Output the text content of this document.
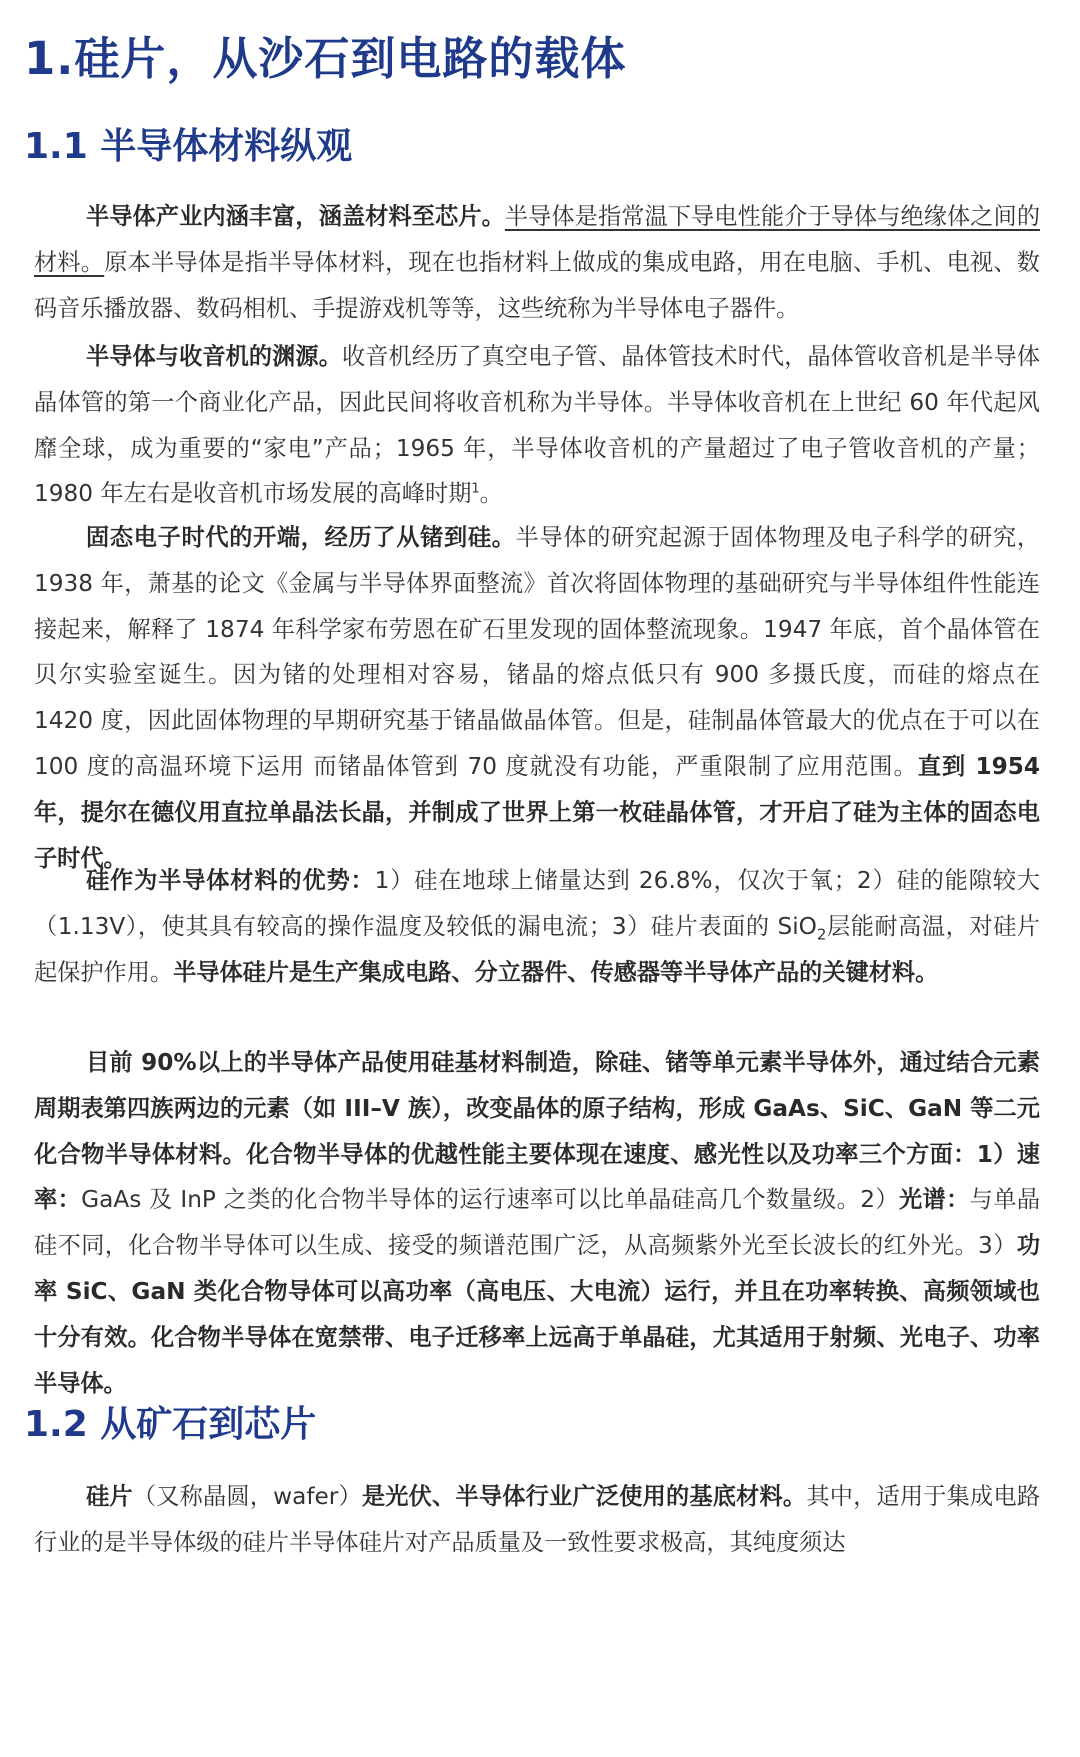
1.硅片，从沙石到电路的载体
1.1 半导体材料纵观

半导体产业内涵丰富，涵盖材料至芯片。半导体是指常温下导电性能介于导体与绝缘体之间的材料。原本半导体是指半导体材料，现在也指材料上做成的集成电路，用在电脑、手机、电视、数码音乐播放器、数码相机、手提游戏机等等，这些统称为半导体电子器件。

半导体与收音机的渊源。收音机经历了真空电子管、晶体管技术时代，晶体管收音机是半导体晶体管的第一个商业化产品，因此民间将收音机称为半导体。半导体收音机在上世纪 60 年代起风靡全球，成为重要的“家电”产品；1965 年，半导体收音机的产量超过了电子管收音机的产量；1980 年左右是收音机市场发展的高峰时期$^1$。

固态电子时代的开端，经历了从锗到硅。半导体的研究起源于固体物理及电子科学的研究，1938 年，萧基的论文《金属与半导体界面整流》首次将固体物理的基础研究与半导体组件性能连接起来，解释了 1874 年科学家布劳恩在矿石里发现的固体整流现象。1947 年底，首个晶体管在贝尔实验室诞生。因为锗的处理相对容易，锗晶的熔点低只有 900 多摄氏度，而硅的熔点在 1420 度，因此固体物理的早期研究基于锗晶做晶体管。但是，硅制晶体管最大的优点在于可以在 100 度的高温环境下运用 而锗晶体管到 70 度就没有功能，严重限制了应用范围。直到 1954 年，提尔在德仪用直拉单晶法长晶，并制成了世界上第一枚硅晶体管，才开启了硅为主体的固态电子时代。

硅作为半导体材料的优势：1）硅在地球上储量达到 26.8%，仅次于氧；2）硅的能隙较大（1.13V），使其具有较高的操作温度及较低的漏电流；3）硅片表面的 SiO$_2$层能耐高温，对硅片起保护作用。半导体硅片是生产集成电路、分立器件、传感器等半导体产品的关键材料。

目前 90%以上的半导体产品使用硅基材料制造，除硅、锗等单元素半导体外，通过结合元素周期表第四族两边的元素（如 III–V 族），改变晶体的原子结构，形成 GaAs、SiC、GaN 等二元化合物半导体材料。化合物半导体的优越性能主要体现在速度、感光性以及功率三个方面：1）速率：GaAs 及 InP 之类的化合物半导体的运行速率可以比单晶硅高几个数量级。2）光谱：与单晶硅不同，化合物半导体可以生成、接受的频谱范围广泛，从高频紫外光至长波长的红外光。3）功率 SiC、GaN 类化合物导体可以高功率（高电压、大电流）运行，并且在功率转换、高频领域也十分有效。化合物半导体在宽禁带、电子迁移率上远高于单晶硅，尤其适用于射频、光电子、功率半导体。

1.2 从矿石到芯片

硅片（又称晶圆，wafer）是光伏、半导体行业广泛使用的基底材料。其中，适用于集成电路行业的是半导体级的硅片半导体硅片对产品质量及一致性要求极高，其纯度须达
